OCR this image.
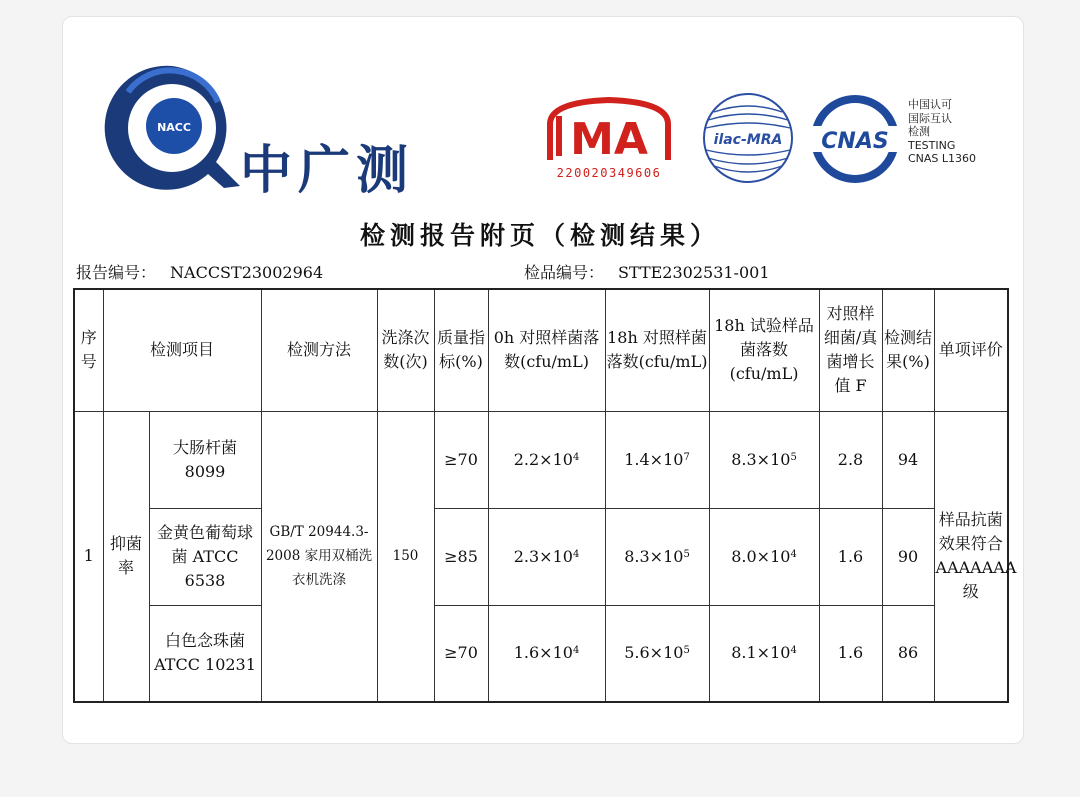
NACC
中广测
MA
220020349606
ilac-MRA CNAS
中国认可
国际互认
检测
TESTING
CNAS L1360
检测报告附页（检测结果）
报告编号： NACCST23002964	检品编号： STTE2302531-001
序号	检测项目		检测方法	洗涤次数(次)	质量指标(%)	0h 对照样菌落数(cfu/mL)	18h 对照样菌落数(cfu/mL)	18h 试验样品菌落数(cfu/mL)	对照样细菌/真菌增长值 F	检测结果(%)	单项评价
1	抑菌率	大肠杆菌 8099	GB/T 20944.3-2008 家用双桶洗衣机洗涤	150	≥70	$2.2\times 10^4$	$1.4\times 10^7$	$8.3\times 10^5$	2.8	94	样品抗菌效果符合AAAAAAA级
		金黄色葡萄球菌 ATCC 6538			≥85	$2.3\times 10^4$	$8.3\times 10^5$	$8.0\times 10^4$	1.6	90	
		白色念珠菌 ATCC 10231			≥70	$1.6\times 10^4$	$5.6\times 10^5$	$8.1\times 10^4$	1.6	86	
